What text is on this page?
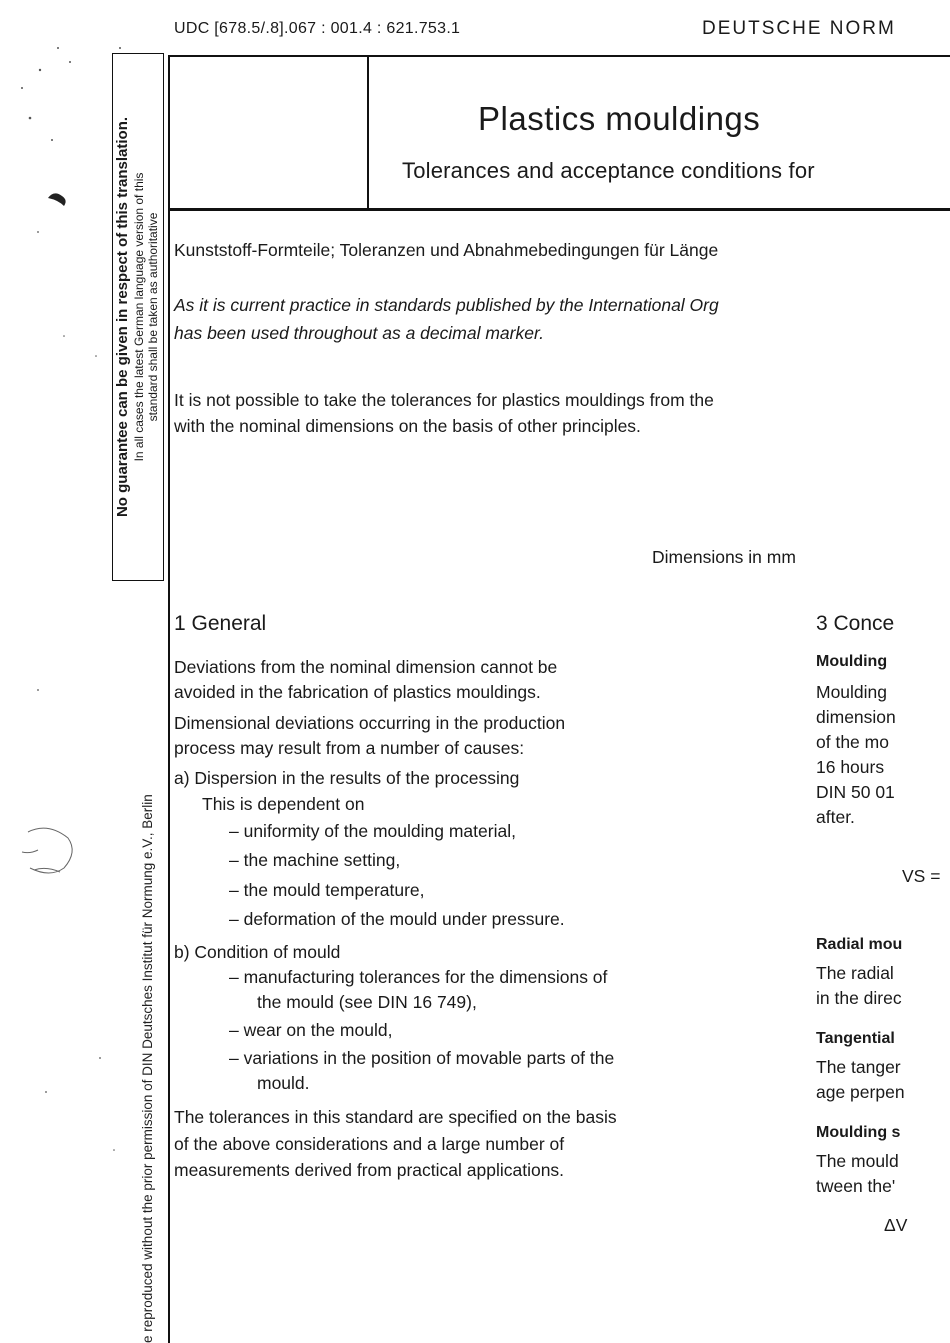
UDC [678.5/.8].067 : 001.4 : 621.753.1	DEUTSCHE NORM
Plastics mouldings
Tolerances and acceptance conditions for
Kunststoff-Formteile; Toleranzen und Abnahmebedingungen für Länge
As it is current practice in standards published by the International Org
has been used throughout as a decimal marker.
It is not possible to take the tolerances for plastics mouldings from the
with the nominal dimensions on the basis of other principles.
Dimensions in mm
No guarantee can be given in respect of this translation. In all cases the latest German language version of this standard shall be taken as authoritative
e reproduced without the prior permission of DIN Deutsches Institut für Normung e.V., Berlin
1 General
Deviations from the nominal dimension cannot be
avoided in the fabrication of plastics mouldings.
Dimensional deviations occurring in the production
process may result from a number of causes:
a) Dispersion in the results of the processing
This is dependent on
– uniformity of the moulding material,
– the machine setting,
– the mould temperature,
– deformation of the mould under pressure.
b) Condition of mould
– manufacturing tolerances for the dimensions of
the mould (see DIN 16 749),
– wear on the mould,
– variations in the position of movable parts of the
mould.
The tolerances in this standard are specified on the basis
of the above considerations and a large number of
measurements derived from practical applications.
3 Conce
Moulding
Moulding
dimension
of the mo
16 hours
DIN 50 01
after.
VS =
Radial mou
The radial
in the direc
Tangential
The tanger
age perpen
Moulding s
The mould
tween the'
ΔV
